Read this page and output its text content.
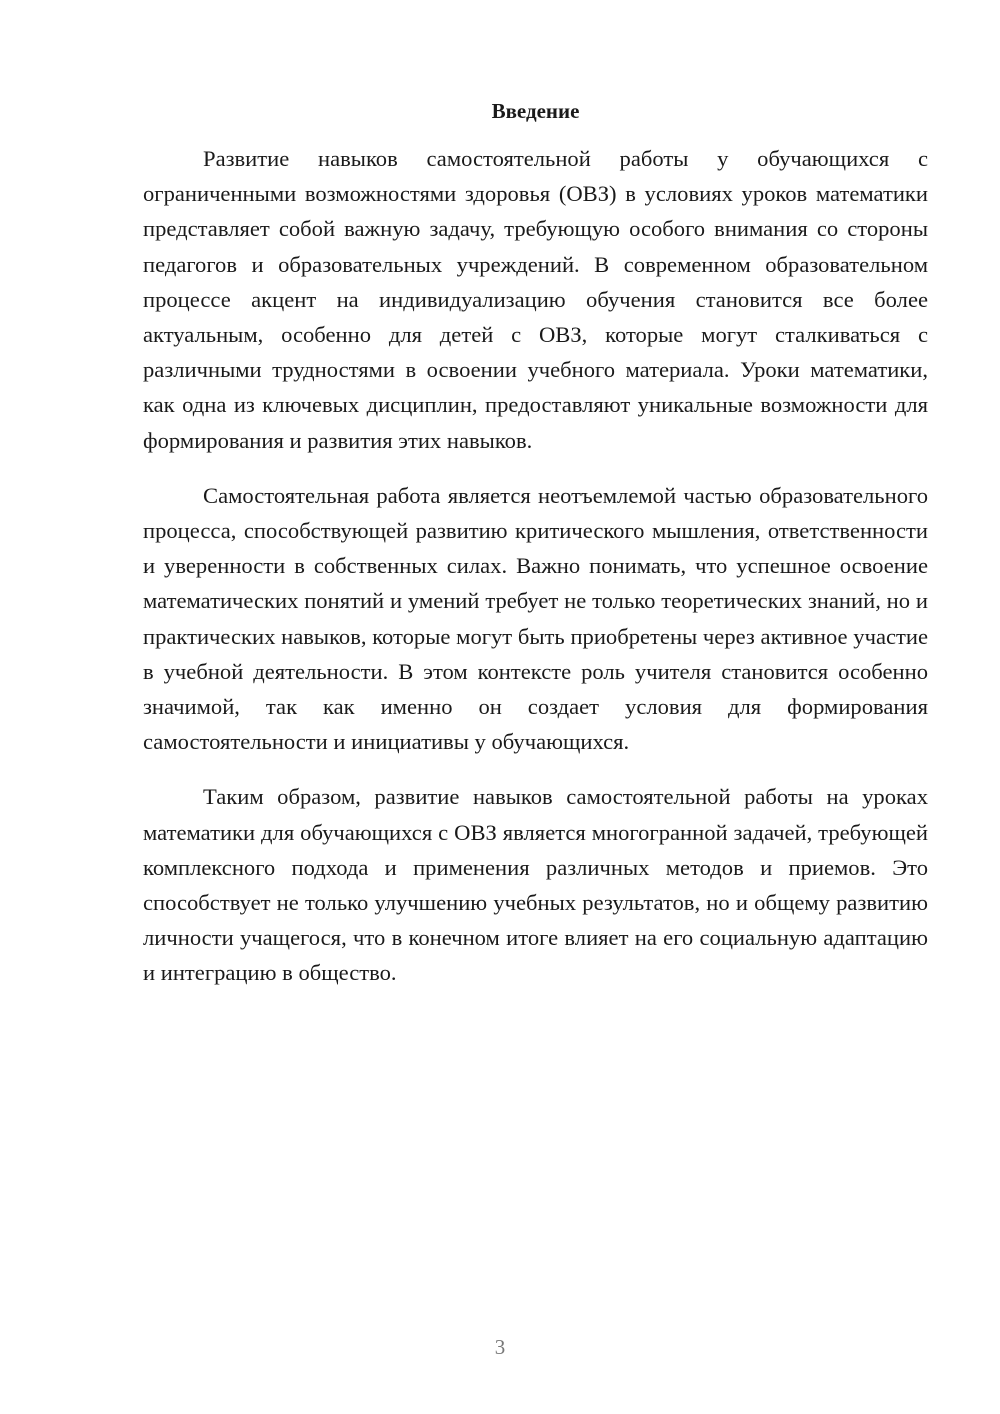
Введение

Развитие навыков самостоятельной работы у обучающихся с ограниченными возможностями здоровья (ОВЗ) в условиях уроков математики представляет собой важную задачу, требующую особого внимания со стороны педагогов и образовательных учреждений. В современном образовательном процессе акцент на индивидуализацию обучения становится все более актуальным, особенно для детей с ОВЗ, которые могут сталкиваться с различными трудностями в освоении учебного материала. Уроки математики, как одна из ключевых дисциплин, предоставляют уникальные возможности для формирования и развития этих навыков.

Самостоятельная работа является неотъемлемой частью образовательного процесса, способствующей развитию критического мышления, ответственности и уверенности в собственных силах. Важно понимать, что успешное освоение математических понятий и умений требует не только теоретических знаний, но и практических навыков, которые могут быть приобретены через активное участие в учебной деятельности. В этом контексте роль учителя становится особенно значимой, так как именно он создает условия для формирования самостоятельности и инициативы у обучающихся.

Таким образом, развитие навыков самостоятельной работы на уроках математики для обучающихся с ОВЗ является многогранной задачей, требующей комплексного подхода и применения различных методов и приемов. Это способствует не только улучшению учебных результатов, но и общему развитию личности учащегося, что в конечном итоге влияет на его социальную адаптацию и интеграцию в общество.

3
